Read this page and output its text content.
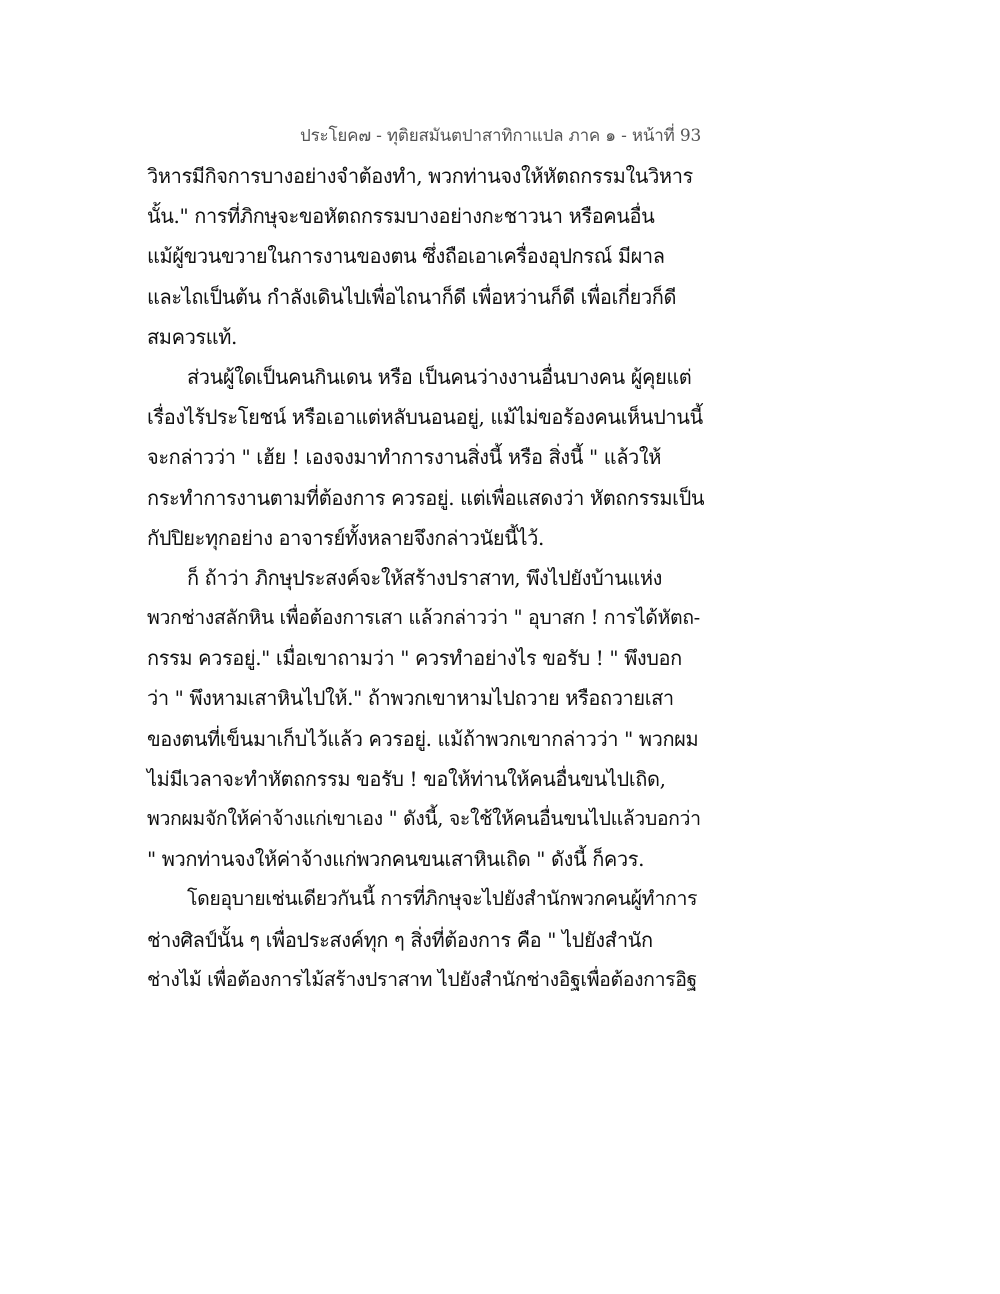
ประโยค๗ - ทุติยสมันตปาสาทิกาแปล ภาค ๑ - หน้าที่ 93
วิหารมีกิจการบางอย่างจำต้องทำ, พวกท่านจงให้หัตถกรรมในวิหาร
นั้น." การที่ภิกษุจะขอหัตถกรรมบางอย่างกะชาวนา หรือคนอื่น
แม้ผู้ขวนขวายในการงานของตน ซึ่งถือเอาเครื่องอุปกรณ์ มีผาล
และไถเป็นต้น กำลังเดินไปเพื่อไถนาก็ดี เพื่อหว่านก็ดี เพื่อเกี่ยวก็ดี
สมควรแท้.
ส่วนผู้ใดเป็นคนกินเดน หรือ เป็นคนว่างงานอื่นบางคน ผู้คุยแต่
เรื่องไร้ประโยชน์ หรือเอาแต่หลับนอนอยู่, แม้ไม่ขอร้องคนเห็นปานนี้
จะกล่าวว่า " เฮ้ย ! เองจงมาทำการงานสิ่งนี้ หรือ สิ่งนี้ " แล้วให้
กระทำการงานตามที่ต้องการ ควรอยู่. แต่เพื่อแสดงว่า หัตถกรรมเป็น
กัปปิยะทุกอย่าง อาจารย์ทั้งหลายจึงกล่าวนัยนี้ไว้.
ก็ ถ้าว่า ภิกษุประสงค์จะให้สร้างปราสาท, พึงไปยังบ้านแห่ง
พวกช่างสลักหิน เพื่อต้องการเสา แล้วกล่าวว่า " อุบาสก ! การได้หัตถ-
กรรม ควรอยู่." เมื่อเขาถามว่า " ควรทำอย่างไร ขอรับ ! " พึงบอก
ว่า " พึงหามเสาหินไปให้." ถ้าพวกเขาหามไปถวาย หรือถวายเสา
ของตนที่เข็นมาเก็บไว้แล้ว ควรอยู่. แม้ถ้าพวกเขากล่าวว่า " พวกผม
ไม่มีเวลาจะทำหัตถกรรม ขอรับ ! ขอให้ท่านให้คนอื่นขนไปเถิด,
พวกผมจักให้ค่าจ้างแก่เขาเอง " ดังนี้, จะใช้ให้คนอื่นขนไปแล้วบอกว่า
" พวกท่านจงให้ค่าจ้างแก่พวกคนขนเสาหินเถิด " ดังนี้ ก็ควร.
โดยอุบายเช่นเดียวกันนี้ การที่ภิกษุจะไปยังสำนักพวกคนผู้ทำการ
ช่างศิลป์นั้น ๆ เพื่อประสงค์ทุก ๆ สิ่งที่ต้องการ คือ " ไปยังสำนัก
ช่างไม้ เพื่อต้องการไม้สร้างปราสาท ไปยังสำนักช่างอิฐเพื่อต้องการอิฐ
